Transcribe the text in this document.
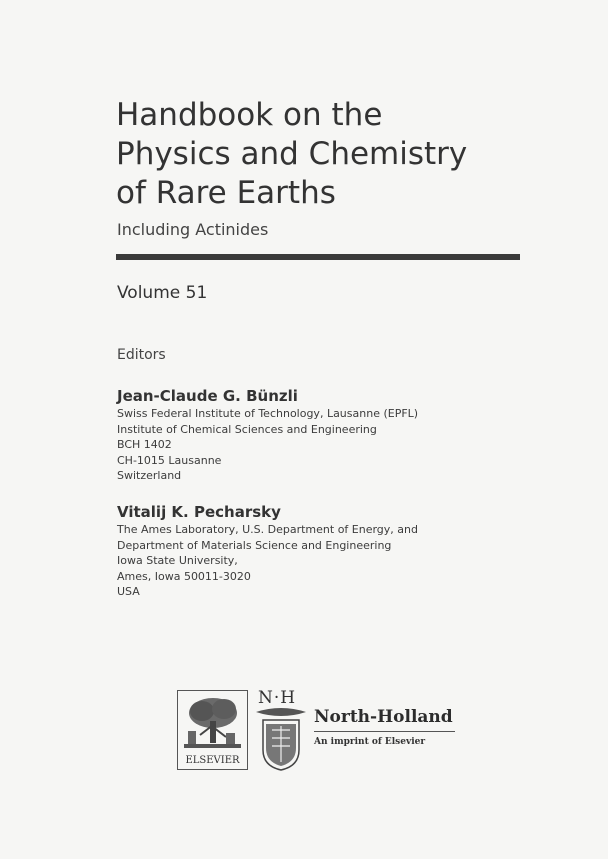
Handbook on the
Physics and Chemistry
of Rare Earths
Including Actinides
Volume 51
Editors
Jean-Claude G. Bünzli
Swiss Federal Institute of Technology, Lausanne (EPFL)
Institute of Chemical Sciences and Engineering
BCH 1402
CH-1015 Lausanne
Switzerland
Vitalij K. Pecharsky
The Ames Laboratory, U.S. Department of Energy, and
Department of Materials Science and Engineering
Iowa State University,
Ames, Iowa 50011-3020
USA
ELSEVIER
N·H
North-Holland
An imprint of Elsevier
